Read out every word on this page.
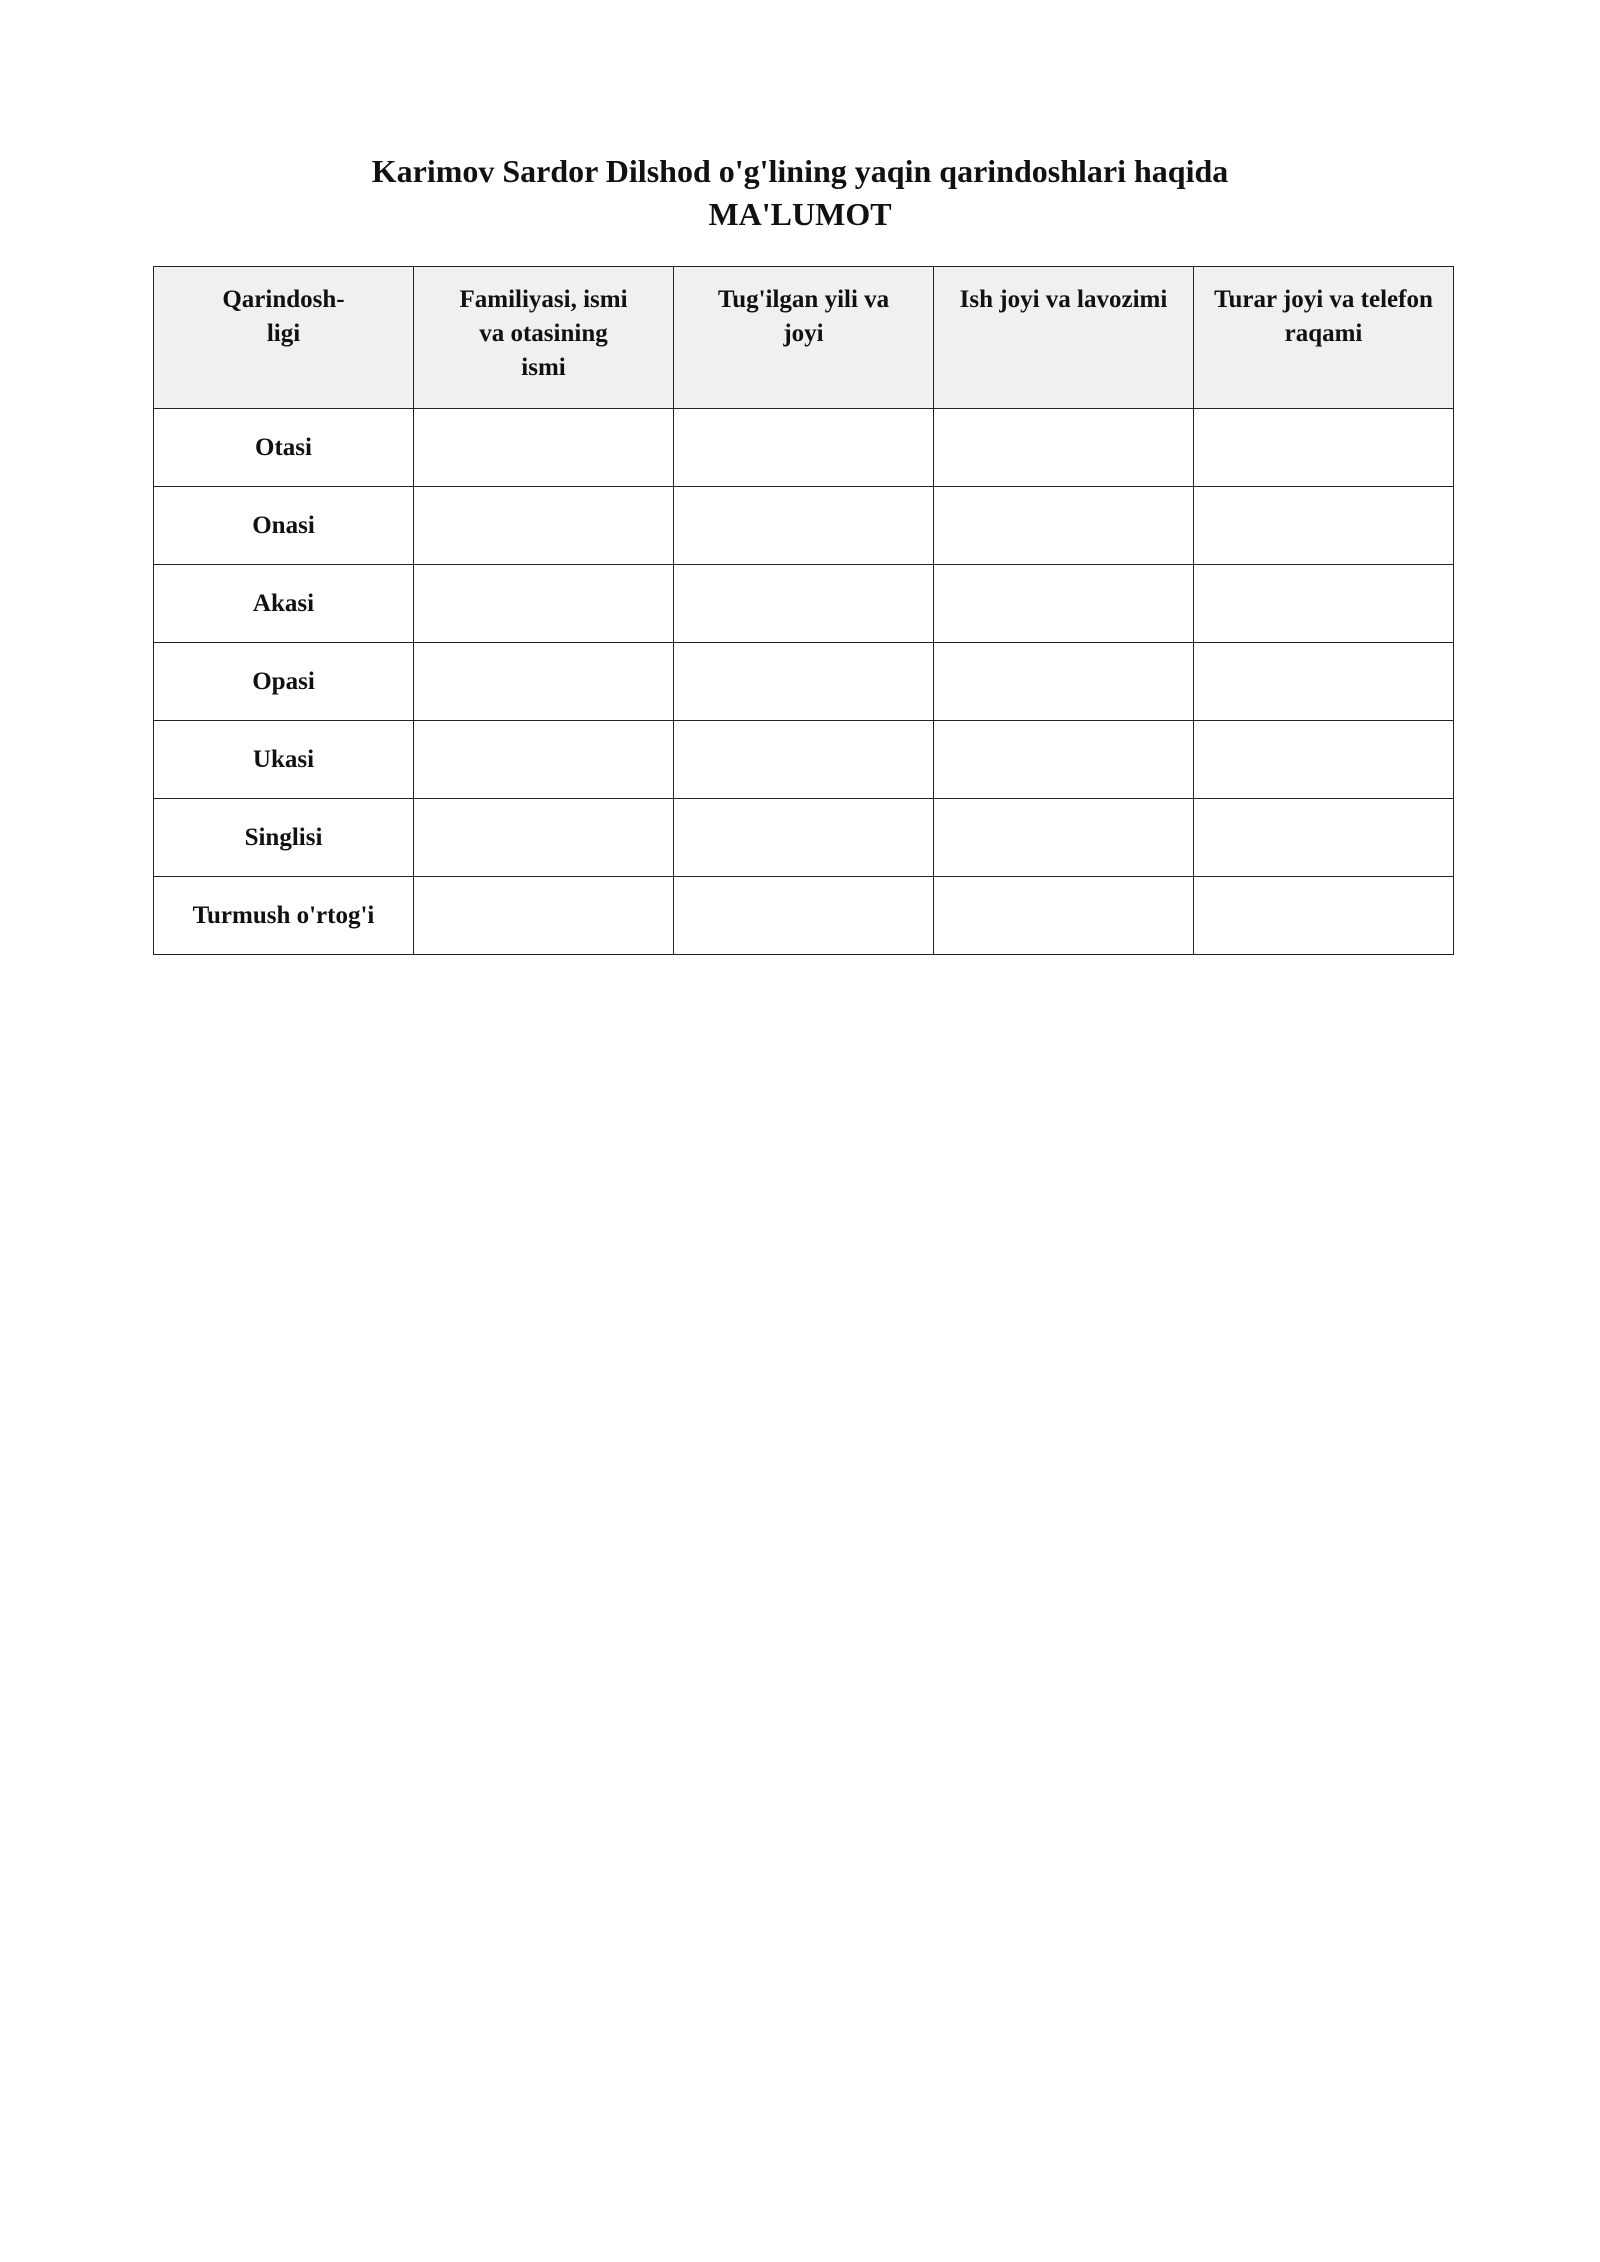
Karimov Sardor Dilshod o'g'lining yaqin qarindoshlari haqida
MA'LUMOT
Qarindosh-
ligi	Familiyasi, ismi
va otasining
ismi	Tug'ilgan yili va
joyi	Ish joyi va lavozimi	Turar joyi va telefon
raqami
Otasi				
Onasi				
Akasi				
Opasi				
Ukasi				
Singlisi				
Turmush o'rtog'i				
